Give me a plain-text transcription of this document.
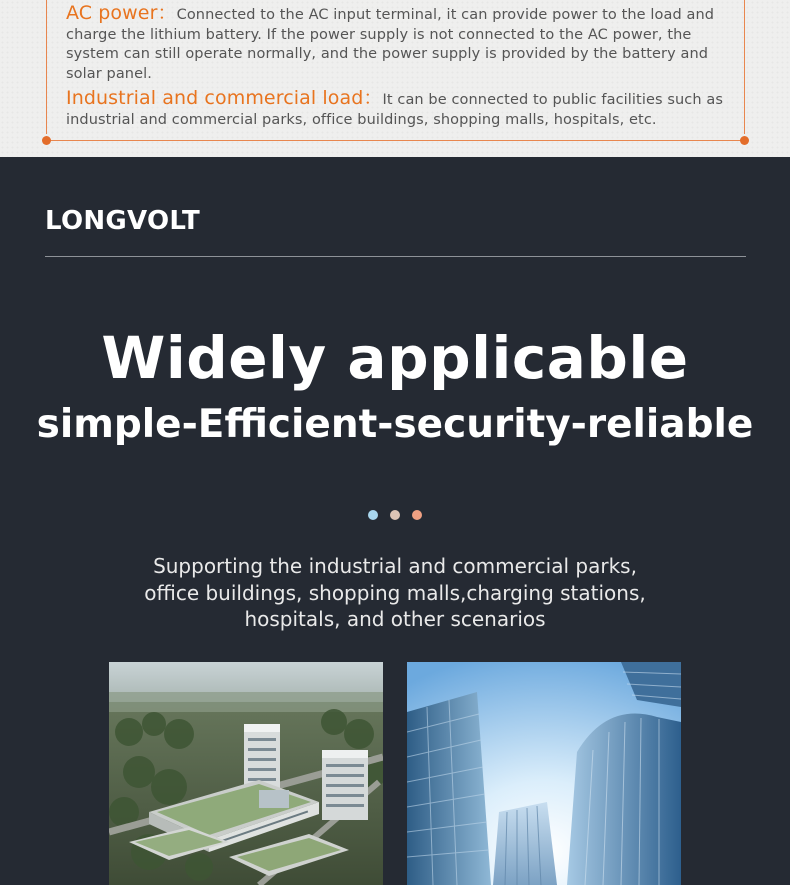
AC power：Connected to the AC input terminal, it can provide power to the load and charge the lithium battery. If the power supply is not connected to the AC power, the system can still operate normally, and the power supply is provided by the battery and solar panel.
Industrial and commercial load：It can be connected to public facilities such as industrial and commercial parks, office buildings, shopping malls, hospitals, etc.
LONGVOLT
Widely applicable
simple-Efficient-security-reliable
Supporting the industrial and commercial parks,
office buildings, shopping malls,charging stations,
hospitals, and other scenarios
